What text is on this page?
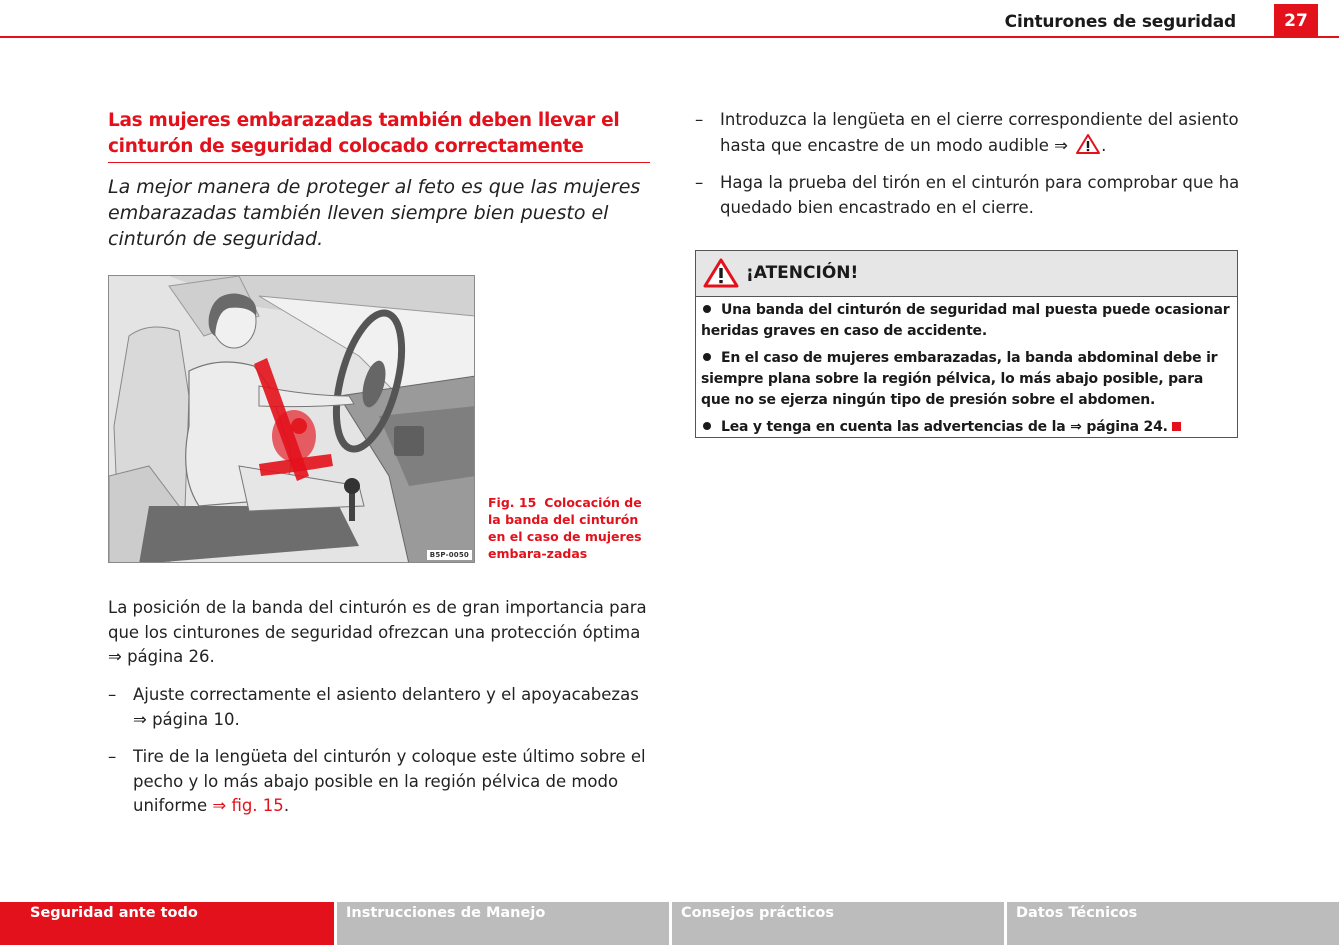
Cinturones de seguridad	27
Las mujeres embarazadas también deben llevar el cinturón de seguridad colocado correctamente

La mejor manera de proteger al feto es que las mujeres embarazadas también lleven siempre bien puesto el cinturón de seguridad.

B5P-0050
Fig. 15 Colocación de la banda del cinturón en el caso de mujeres embara-zadas

La posición de la banda del cinturón es de gran importancia para que los cinturones de seguridad ofrezcan una protección óptima ⇒ página 26.

– Ajuste correctamente el asiento delantero y el apoyacabezas ⇒ página 10.
– Tire de la lengüeta del cinturón y coloque este último sobre el pecho y lo más abajo posible en la región pélvica de modo uniforme ⇒ fig. 15.
– Introduzca la lengüeta en el cierre correspondiente del asiento hasta que encastre de un modo audible ⇒ .
– Haga la prueba del tirón en el cinturón para comprobar que ha quedado bien encastrado en el cierre.
¡ATENCIÓN!
Una banda del cinturón de seguridad mal puesta puede ocasionar heridas graves en caso de accidente.
En el caso de mujeres embarazadas, la banda abdominal debe ir siempre plana sobre la región pélvica, lo más abajo posible, para que no se ejerza ningún tipo de presión sobre el abdomen.
Lea y tenga en cuenta las advertencias de la ⇒ página 24.
Seguridad ante todo	Instrucciones de Manejo	Consejos prácticos	Datos Técnicos
